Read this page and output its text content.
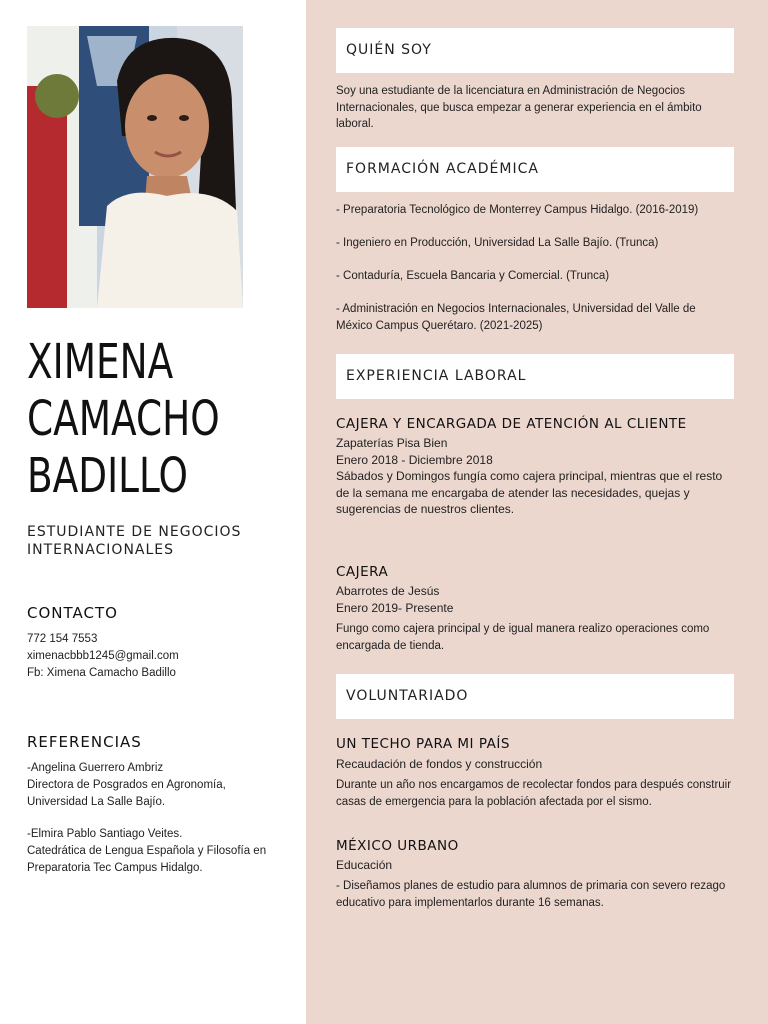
XIMENA
CAMACHO
BADILLO
ESTUDIANTE DE NEGOCIOS
INTERNACIONALES
CONTACTO
772 154 7553
ximenacbbb1245@gmail.com
Fb: Ximena Camacho Badillo
REFERENCIAS
-Angelina Guerrero Ambriz
Directora de Posgrados en Agronomía,
Universidad La Salle Bajío.
-Elmira Pablo Santiago Veites.
Catedrática de Lengua Española y Filosofía en
Preparatoria Tec Campus Hidalgo.
QUIÉN SOY
Soy una estudiante de la licenciatura en Administración de Negocios Internacionales, que busca empezar a generar experiencia en el ámbito laboral.
FORMACIÓN ACADÉMICA
- Preparatoria Tecnológico de Monterrey Campus Hidalgo. (2016-2019)
- Ingeniero en Producción, Universidad La Salle Bajío. (Trunca)
- Contaduría, Escuela Bancaria y Comercial. (Trunca)
- Administración en Negocios Internacionales, Universidad del Valle de México Campus Querétaro. (2021-2025)
EXPERIENCIA LABORAL
CAJERA Y ENCARGADA DE ATENCIÓN AL CLIENTE
Zapaterías Pisa Bien
Enero 2018 - Diciembre 2018
Sábados y Domingos fungía como cajera principal, mientras que el resto de la semana me encargaba de atender las necesidades, quejas y sugerencias de nuestros clientes.
CAJERA
Abarrotes de Jesús
Enero 2019- Presente
Fungo como cajera principal y de igual manera realizo operaciones como encargada de tienda.
VOLUNTARIADO
UN TECHO PARA MI PAÍS
Recaudación de fondos y construcción
Durante un año nos encargamos de recolectar fondos para después construir casas de emergencia para la población afectada por el sismo.
MÉXICO URBANO
Educación
- Diseñamos planes de estudio para alumnos de primaria con severo rezago educativo para implementarlos durante 16 semanas.
